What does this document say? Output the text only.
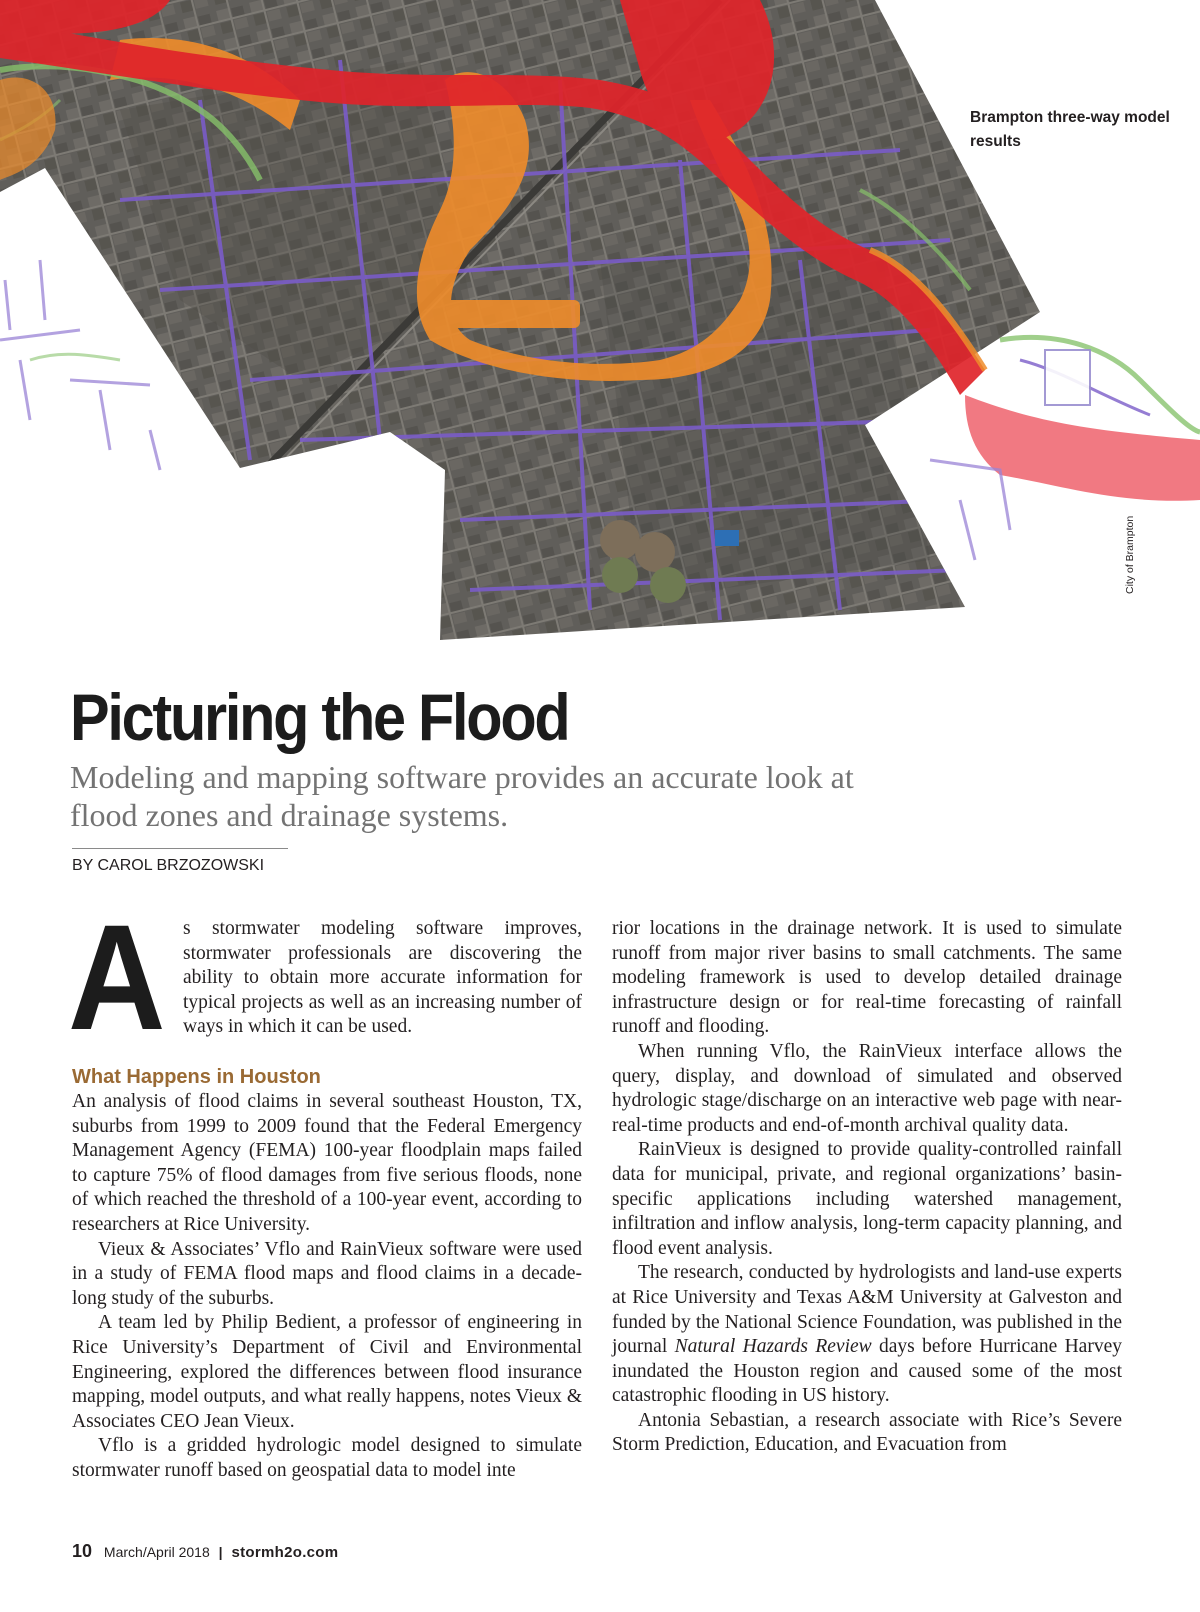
Brampton three-way model results
City of Brampton
Picturing the Flood
Modeling and mapping software provides an accurate look at flood zones and drainage systems.
BY CAROL BRZOZOWSKI
A s stormwater modeling software improves, stormwater professionals are discovering the ability to obtain more accurate information for typical projects as well as an increasing number of ways in which it can be used.

What Happens in Houston

An analysis of flood claims in several southeast Houston, TX, suburbs from 1999 to 2009 found that the Federal Emergency Management Agency (FEMA) 100-year floodplain maps failed to capture 75% of flood damages from five serious floods, none of which reached the threshold of a 100-year event, according to researchers at Rice University.

Vieux & Associates’ Vflo and RainVieux software were used in a study of FEMA flood maps and flood claims in a decade-long study of the suburbs.

A team led by Philip Bedient, a professor of engineering in Rice University’s Department of Civil and Environmental Engineering, explored the differences between flood insurance mapping, model outputs, and what really happens, notes Vieux & Associates CEO Jean Vieux.

Vflo is a gridded hydrologic model designed to simulate stormwater runoff based on geospatial data to model inte

rior locations in the drainage network. It is used to simulate runoff from major river basins to small catchments. The same modeling framework is used to develop detailed drainage infrastructure design or for real-time forecasting of rainfall runoff and flooding.

When running Vflo, the RainVieux interface allows the query, display, and download of simulated and observed hydrologic stage/discharge on an interactive web page with near-real-time products and end-of-month archival quality data.

RainVieux is designed to provide quality-controlled rainfall data for municipal, private, and regional organizations’ basin-specific applications including watershed management, infiltration and inflow analysis, long-term capacity planning, and flood event analysis.

The research, conducted by hydrologists and land-use experts at Rice University and Texas A&M University at Galveston and funded by the National Science Foundation, was published in the journal Natural Hazards Review days before Hurricane Harvey inundated the Houston region and caused some of the most catastrophic flooding in US history.

Antonia Sebastian, a research associate with Rice’s Severe Storm Prediction, Education, and Evacuation from

10 March/April 2018 | stormh2o.com
